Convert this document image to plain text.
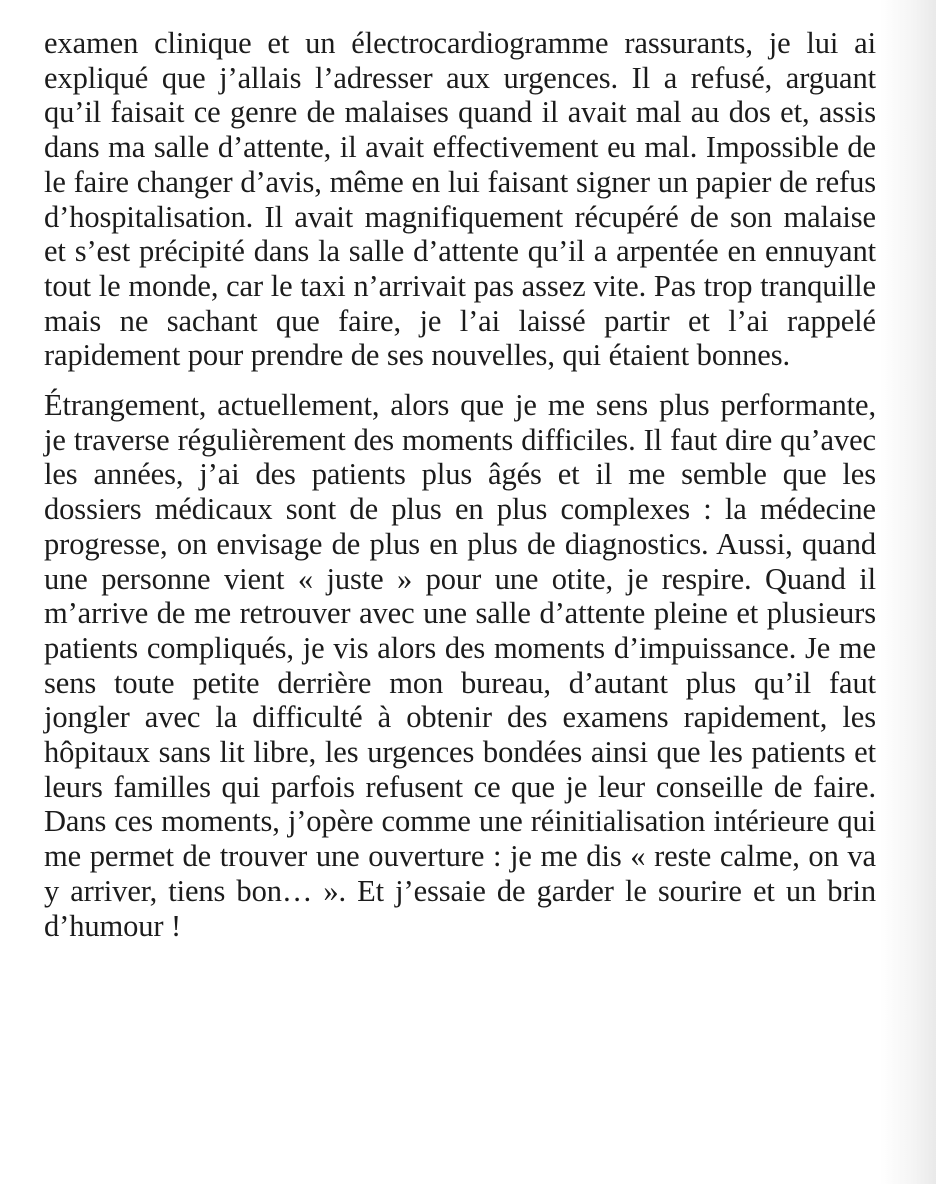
examen clinique et un électrocardiogramme rassurants, je lui ai expliqué que j’allais l’adresser aux urgences. Il a refusé, arguant qu’il faisait ce genre de malaises quand il avait mal au dos et, assis dans ma salle d’attente, il avait effectivement eu mal. Impossible de le faire changer d’avis, même en lui faisant signer un papier de refus d’hospitalisation. Il avait magnifiquement récupéré de son malaise et s’est précipité dans la salle d’attente qu’il a arpentée en ennuyant tout le monde, car le taxi n’arrivait pas assez vite. Pas trop tranquille mais ne sachant que faire, je l’ai laissé partir et l’ai rappelé rapidement pour prendre de ses nouvelles, qui étaient bonnes.

Étrangement, actuellement, alors que je me sens plus performante, je traverse régulièrement des moments difficiles. Il faut dire qu’avec les années, j’ai des patients plus âgés et il me semble que les dossiers médicaux sont de plus en plus complexes : la médecine progresse, on envisage de plus en plus de diagnostics. Aussi, quand une personne vient « juste » pour une otite, je respire. Quand il m’arrive de me retrouver avec une salle d’attente pleine et plusieurs patients compliqués, je vis alors des moments d’impuissance. Je me sens toute petite derrière mon bureau, d’autant plus qu’il faut jongler avec la difficulté à obtenir des examens rapidement, les hôpitaux sans lit libre, les urgences bondées ainsi que les patients et leurs familles qui parfois refusent ce que je leur conseille de faire. Dans ces moments, j’opère comme une réinitialisation intérieure qui me permet de trouver une ouverture : je me dis « reste calme, on va y arriver, tiens bon… ». Et j’essaie de garder le sourire et un brin d’humour !
